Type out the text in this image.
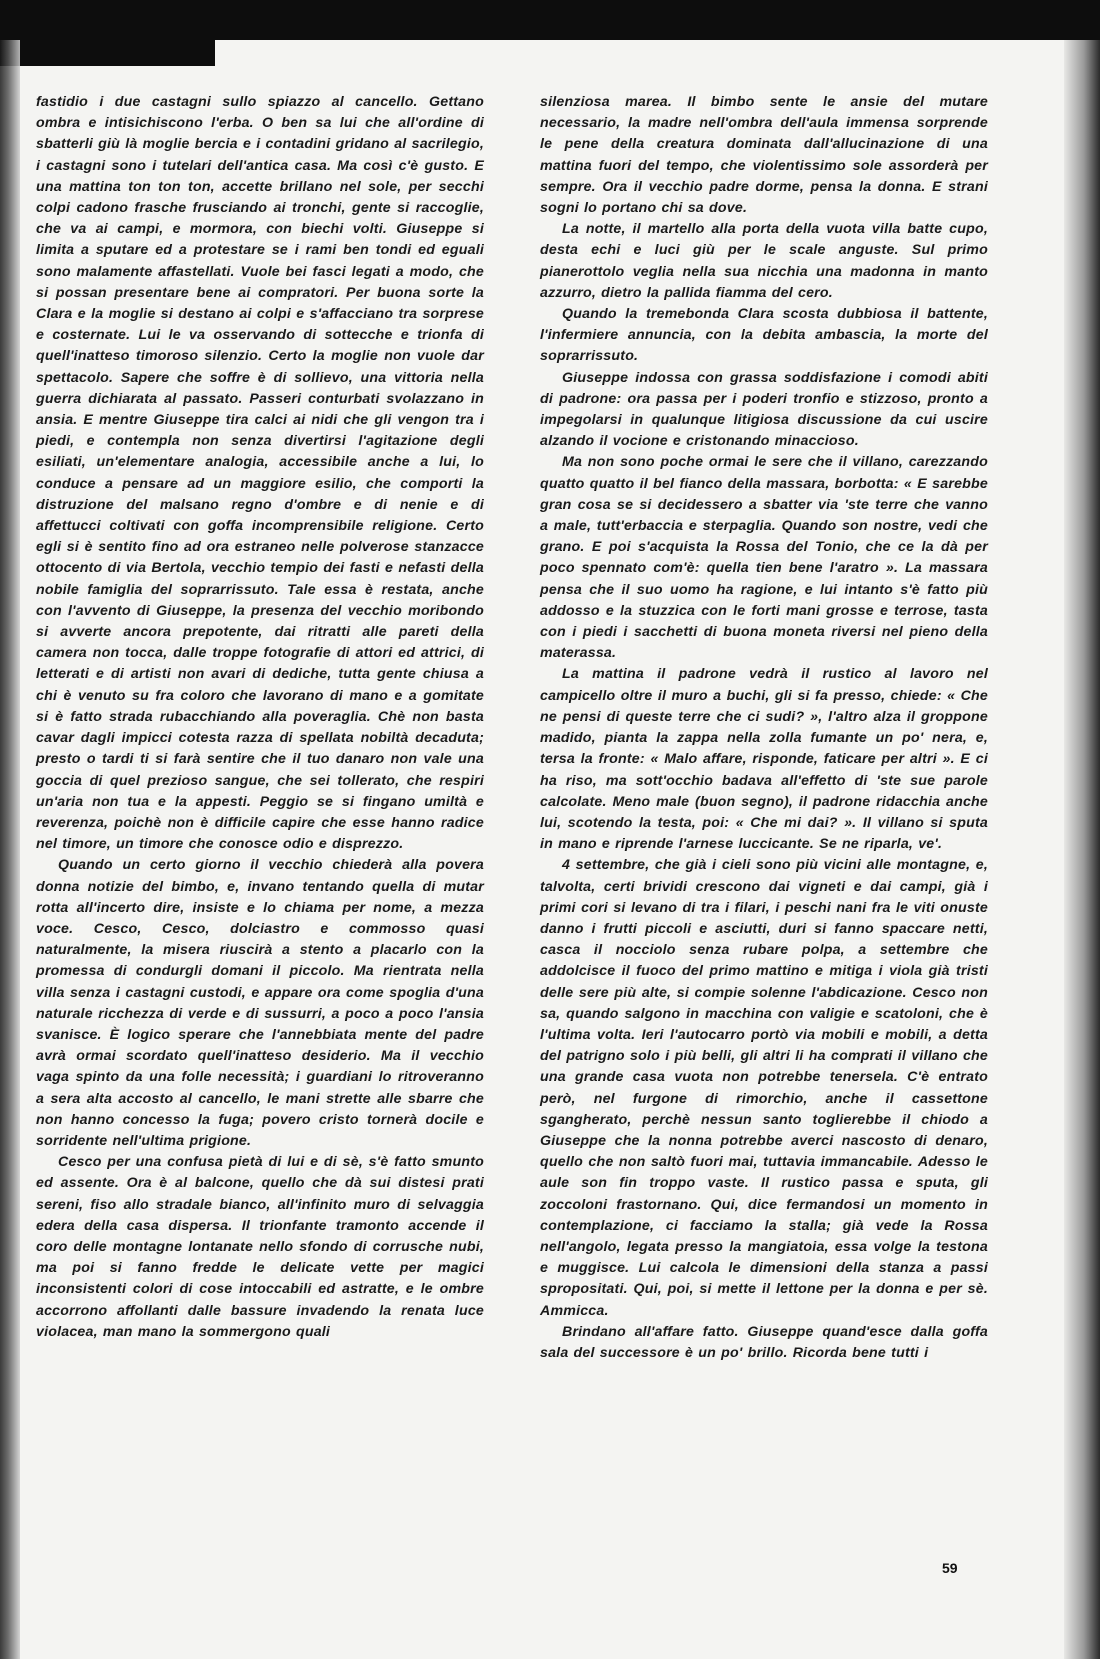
fastidio i due castagni sullo spiazzo al cancello. Gettano ombra e intisichiscono l'erba. O ben sa lui che all'ordine di sbatterli giù là moglie bercia e i contadini gridano al sacrilegio, i castagni sono i tutelari dell'antica casa. Ma così c'è gusto. E una mattina ton ton ton, accette brillano nel sole, per secchi colpi cadono frasche frusciando ai tronchi, gente si raccoglie, che va ai campi, e mormora, con biechi volti. Giuseppe si limita a sputare ed a protestare se i rami ben tondi ed eguali sono malamente affastellati. Vuole bei fasci legati a modo, che si possan presentare bene ai compratori. Per buona sorte la Clara e la moglie si destano ai colpi e s'affacciano tra sorprese e costernate. Lui le va osservando di sottecche e trionfa di quell'inatteso timoroso silenzio. Certo la moglie non vuole dar spettacolo. Sapere che soffre è di sollievo, una vittoria nella guerra dichiarata al passato. Passeri conturbati svolazzano in ansia. E mentre Giuseppe tira calci ai nidi che gli vengon tra i piedi, e contempla non senza divertirsi l'agitazione degli esiliati, un'elementare analogia, accessibile anche a lui, lo conduce a pensare ad un maggiore esilio, che comporti la distruzione del malsano regno d'ombre e di nenie e di affettucci coltivati con goffa incomprensibile religione. Certo egli si è sentito fino ad ora estraneo nelle polverose stanzacce ottocento di via Bertola, vecchio tempio dei fasti e nefasti della nobile famiglia del soprarrissuto. Tale essa è restata, anche con l'avvento di Giuseppe, la presenza del vecchio moribondo si avverte ancora prepotente, dai ritratti alle pareti della camera non tocca, dalle troppe fotografie di attori ed attrici, di letterati e di artisti non avari di dediche, tutta gente chiusa a chi è venuto su fra coloro che lavorano di mano e a gomitate si è fatto strada rubacchiando alla poveraglia. Chè non basta cavar dagli impicci cotesta razza di spellata nobiltà decaduta; presto o tardi ti si farà sentire che il tuo danaro non vale una goccia di quel prezioso sangue, che sei tollerato, che respiri un'aria non tua e la appesti. Peggio se si fingano umiltà e reverenza, poichè non è difficile capire che esse hanno radice nel timore, un timore che conosce odio e disprezzo.

Quando un certo giorno il vecchio chiederà alla povera donna notizie del bimbo, e, invano tentando quella di mutar rotta all'incerto dire, insiste e lo chiama per nome, a mezza voce. Cesco, Cesco, dolciastro e commosso quasi naturalmente, la misera riuscirà a stento a placarlo con la promessa di condurgli domani il piccolo. Ma rientrata nella villa senza i castagni custodi, e appare ora come spoglia d'una naturale ricchezza di verde e di sussurri, a poco a poco l'ansia svanisce. È logico sperare che l'annebbiata mente del padre avrà ormai scordato quell'inatteso desiderio. Ma il vecchio vaga spinto da una folle necessità; i guardiani lo ritroveranno a sera alta accosto al cancello, le mani strette alle sbarre che non hanno concesso la fuga; povero cristo tornerà docile e sorridente nell'ultima prigione.

Cesco per una confusa pietà di lui e di sè, s'è fatto smunto ed assente. Ora è al balcone, quello che dà sui distesi prati sereni, fiso allo stradale bianco, all'infinito muro di selvaggia edera della casa dispersa. Il trionfante tramonto accende il coro delle montagne lontanate nello sfondo di corrusche nubi, ma poi si fanno fredde le delicate vette per magici inconsistenti colori di cose intoccabili ed astratte, e le ombre accorrono affollanti dalle bassure invadendo la renata luce violacea, man mano la sommergono quali

silenziosa marea. Il bimbo sente le ansie del mutare necessario, la madre nell'ombra dell'aula immensa sorprende le pene della creatura dominata dall'allucinazione di una mattina fuori del tempo, che violentissimo sole assorderà per sempre. Ora il vecchio padre dorme, pensa la donna. E strani sogni lo portano chi sa dove.

La notte, il martello alla porta della vuota villa batte cupo, desta echi e luci giù per le scale anguste. Sul primo pianerottolo veglia nella sua nicchia una madonna in manto azzurro, dietro la pallida fiamma del cero.

Quando la tremebonda Clara scosta dubbiosa il battente, l'infermiere annuncia, con la debita ambascia, la morte del soprarrissuto.

Giuseppe indossa con grassa soddisfazione i comodi abiti di padrone: ora passa per i poderi tronfio e stizzoso, pronto a impegolarsi in qualunque litigiosa discussione da cui uscire alzando il vocione e cristonando minaccioso.

Ma non sono poche ormai le sere che il villano, carezzando quatto quatto il bel fianco della massara, borbotta: « E sarebbe gran cosa se si decidessero a sbatter via 'ste terre che vanno a male, tutt'erbaccia e sterpaglia. Quando son nostre, vedi che grano. E poi s'acquista la Rossa del Tonio, che ce la dà per poco spennato com'è: quella tien bene l'aratro ». La massara pensa che il suo uomo ha ragione, e lui intanto s'è fatto più addosso e la stuzzica con le forti mani grosse e terrose, tasta con i piedi i sacchetti di buona moneta riversi nel pieno della materassa.

La mattina il padrone vedrà il rustico al lavoro nel campicello oltre il muro a buchi, gli si fa presso, chiede: « Che ne pensi di queste terre che ci sudi? », l'altro alza il groppone madido, pianta la zappa nella zolla fumante un po' nera, e, tersa la fronte: « Malo affare, risponde, faticare per altri ». E ci ha riso, ma sott'occhio badava all'effetto di 'ste sue parole calcolate. Meno male (buon segno), il padrone ridacchia anche lui, scotendo la testa, poi: « Che mi dai? ». Il villano si sputa in mano e riprende l'arnese luccicante. Se ne riparla, ve'.

4 settembre, che già i cieli sono più vicini alle montagne, e, talvolta, certi brividi crescono dai vigneti e dai campi, già i primi cori si levano di tra i filari, i peschi nani fra le viti onuste danno i frutti piccoli e asciutti, duri si fanno spaccare netti, casca il nocciolo senza rubare polpa, a settembre che addolcisce il fuoco del primo mattino e mitiga i viola già tristi delle sere più alte, si compie solenne l'abdicazione. Cesco non sa, quando salgono in macchina con valigie e scatoloni, che è l'ultima volta. Ieri l'autocarro portò via mobili e mobili, a detta del patrigno solo i più belli, gli altri li ha comprati il villano che una grande casa vuota non potrebbe tenersela. C'è entrato però, nel furgone di rimorchio, anche il cassettone sgangherato, perchè nessun santo toglierebbe il chiodo a Giuseppe che la nonna potrebbe averci nascosto di denaro, quello che non saltò fuori mai, tuttavia immancabile. Adesso le aule son fin troppo vaste. Il rustico passa e sputa, gli zoccoloni frastornano. Qui, dice fermandosi un momento in contemplazione, ci facciamo la stalla; già vede la Rossa nell'angolo, legata presso la mangiatoia, essa volge la testona e muggisce. Lui calcola le dimensioni della stanza a passi spropositati. Qui, poi, si mette il lettone per la donna e per sè. Ammicca.

Brindano all'affare fatto. Giuseppe quand'esce dalla goffa sala del successore è un po' brillo. Ricorda bene tutti i

59
